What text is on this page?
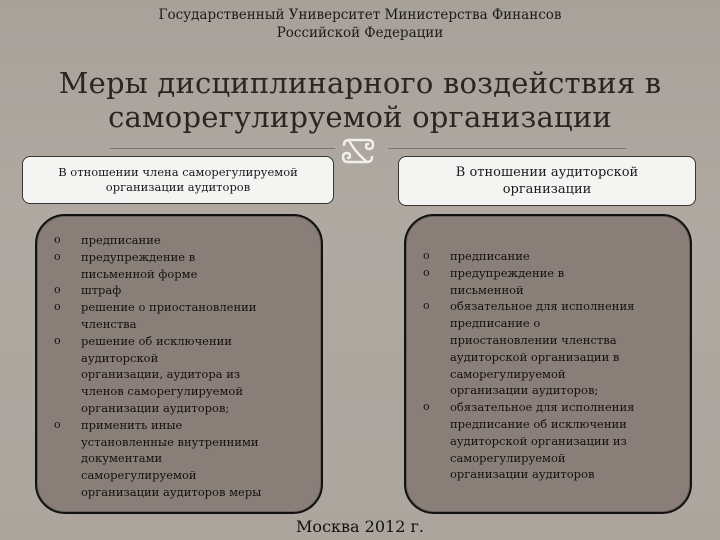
Государственный Университет Министерства Финансов
Российской Федерации
Меры дисциплинарного воздействия в
саморегулируемой организации
В отношении члена саморегулируемой
организации аудиторов
В отношении аудиторской
организации
o предписание
o предупреждение в
письменной форме
o штраф
o решение о приостановлении
членства
o решение об исключении
аудиторской
организации, аудитора из
членов саморегулируемой
организации аудиторов;
o применить иные
установленные внутренними
документами
саморегулируемой
организации аудиторов меры
o предписание
o предупреждение в
письменной
o обязательное для исполнения
предписание о
приостановлении членства
аудиторской организации в
саморегулируемой
организации аудиторов;
o обязательное для исполнения
предписание об исключении
аудиторской организации из
саморегулируемой
организации аудиторов
Москва 2012 г.
